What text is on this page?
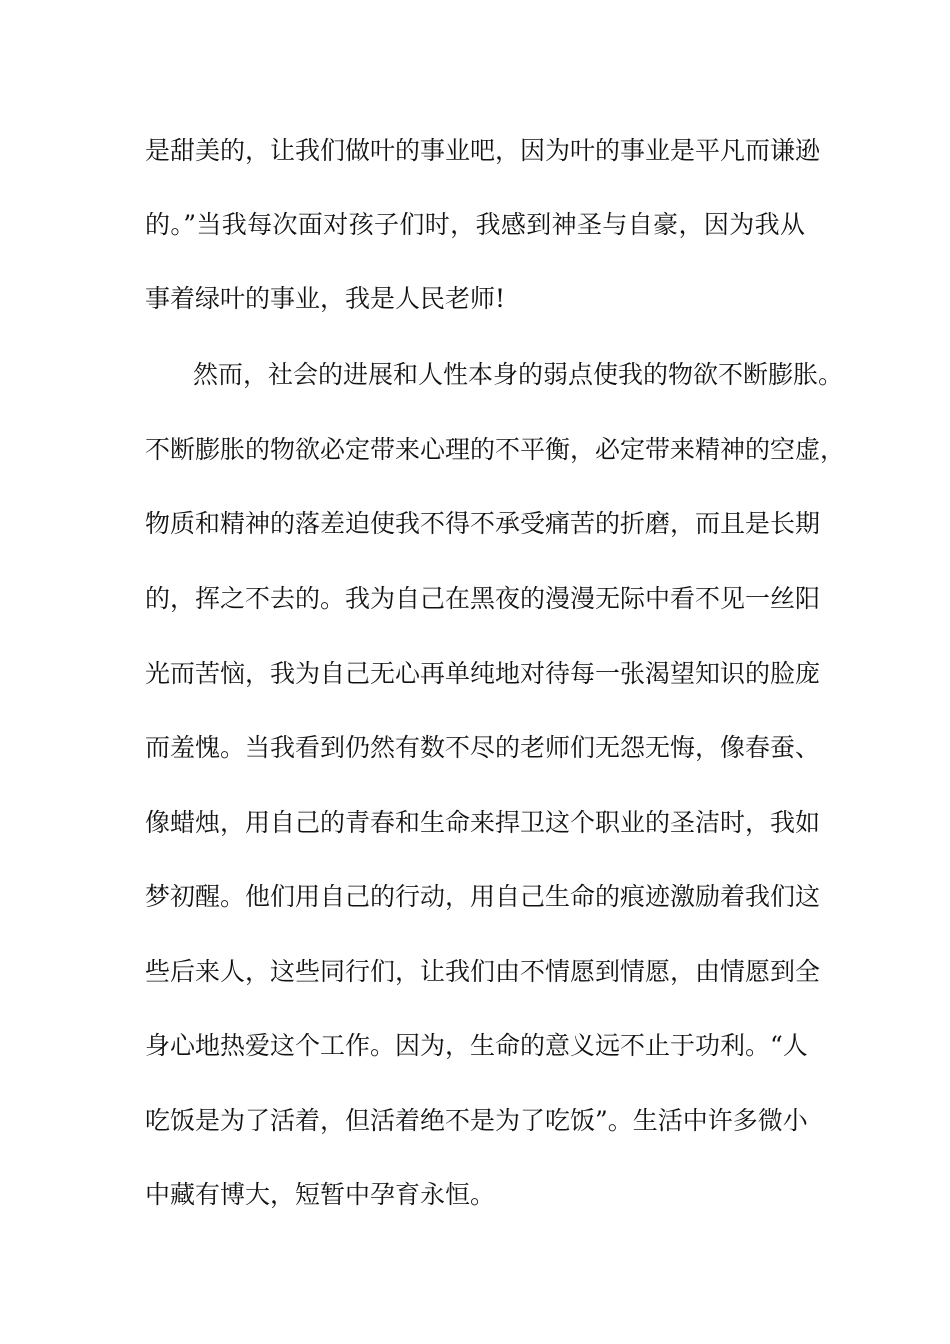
是甜美的，让我们做叶的事业吧，因为叶的事业是平凡而谦逊
的。”当我每次面对孩子们时，我感到神圣与自豪，因为我从
事着绿叶的事业，我是人民老师!
然而，社会的进展和人性本身的弱点使我的物欲不断膨胀。
不断膨胀的物欲必定带来心理的不平衡，必定带来精神的空虚，
物质和精神的落差迫使我不得不承受痛苦的折磨，而且是长期
的，挥之不去的。我为自己在黑夜的漫漫无际中看不见一丝阳
光而苦恼，我为自己无心再单纯地对待每一张渴望知识的脸庞
而羞愧。当我看到仍然有数不尽的老师们无怨无悔，像春蚕、
像蜡烛，用自己的青春和生命来捍卫这个职业的圣洁时，我如
梦初醒。他们用自己的行动，用自己生命的痕迹激励着我们这
些后来人，这些同行们，让我们由不情愿到情愿，由情愿到全
身心地热爱这个工作。因为，生命的意义远不止于功利。“人
吃饭是为了活着，但活着绝不是为了吃饭”。生活中许多微小
中藏有博大，短暂中孕育永恒。
